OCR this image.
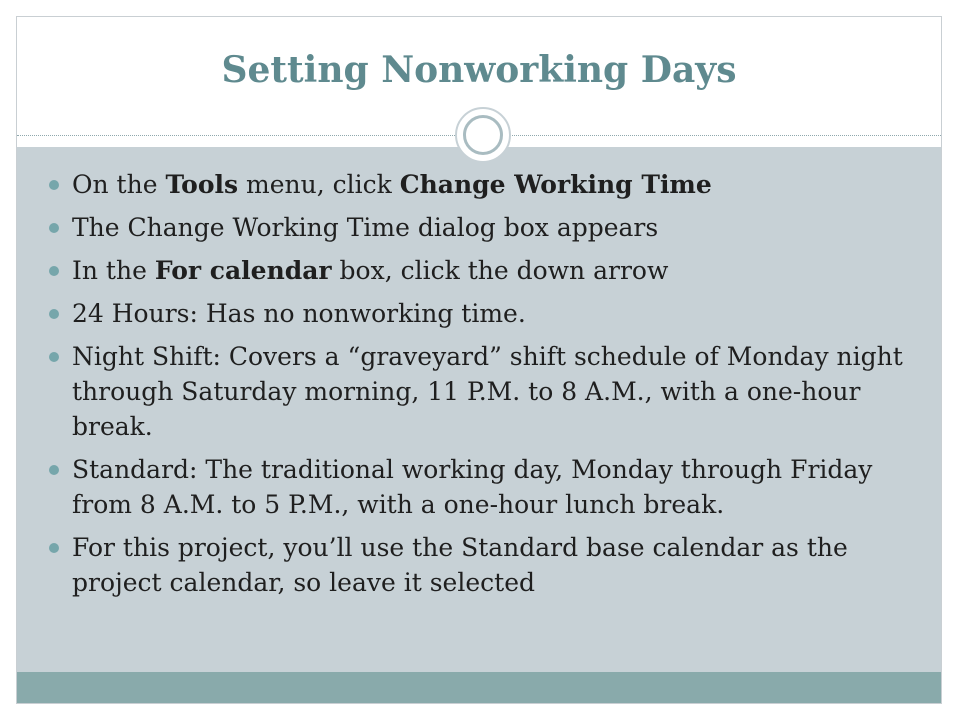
Setting Nonworking Days
On the Tools menu, click Change Working Time
The Change Working Time dialog box appears
In the For calendar box, click the down arrow
24 Hours: Has no nonworking time.
Night Shift: Covers a “graveyard” shift schedule of Monday night through Saturday morning, 11 P.M. to 8 A.M., with a one-hour break.
Standard: The traditional working day, Monday through Friday from 8 A.M. to 5 P.M., with a one-hour lunch break.
For this project, you’ll use the Standard base calendar as the project calendar, so leave it selected
